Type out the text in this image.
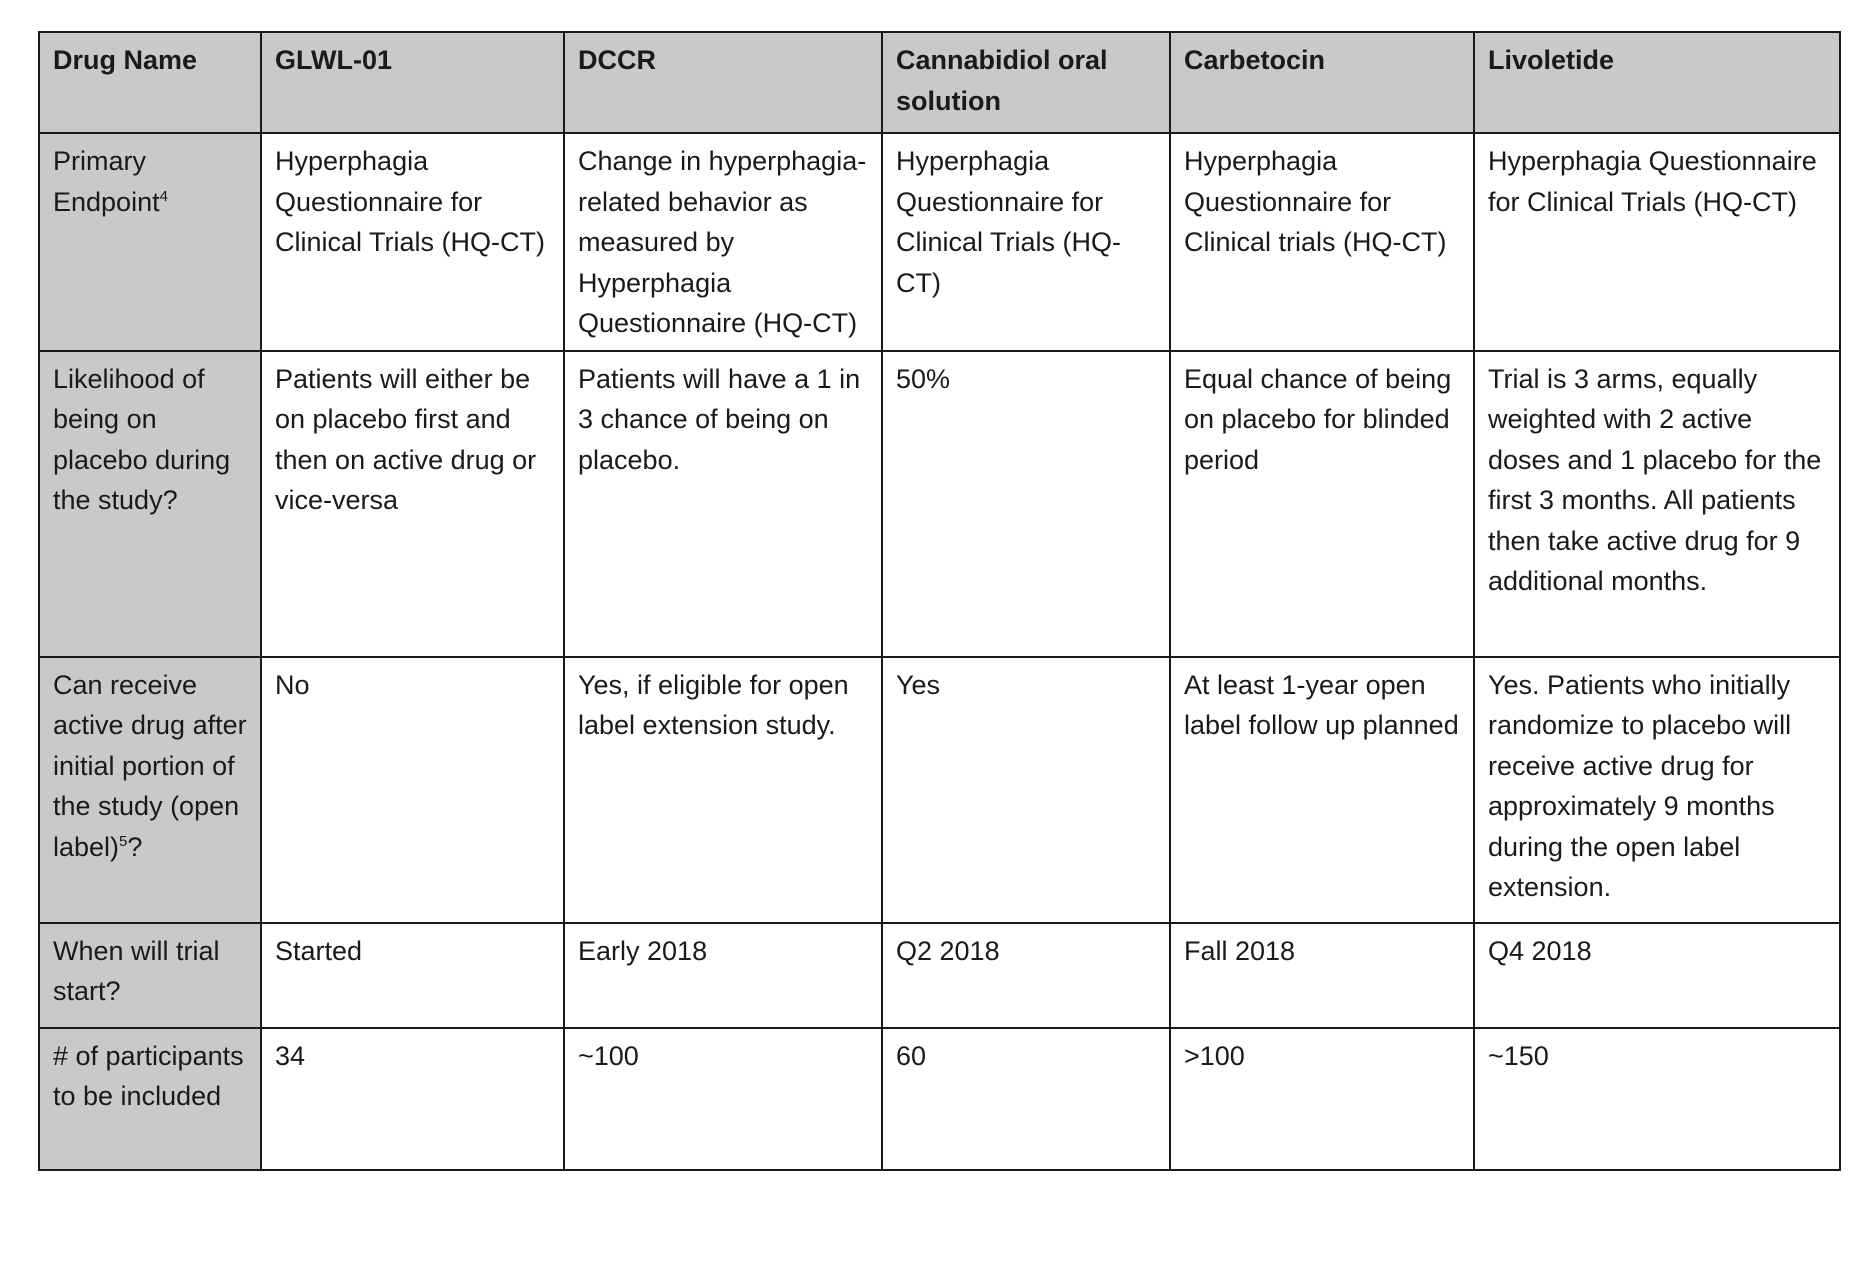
Drug Name	GLWL-01	DCCR	Cannabidiol oral solution	Carbetocin	Livoletide
Primary Endpoint$^4$	Hyperphagia Questionnaire for Clinical Trials (HQ-CT)	Change in hyperphagia-related behavior as measured by Hyperphagia Questionnaire (HQ-CT)	Hyperphagia Questionnaire for Clinical Trials (HQ-CT)	Hyperphagia Questionnaire for Clinical trials (HQ-CT)	Hyperphagia Questionnaire for Clinical Trials (HQ-CT)
Likelihood of being on placebo during the study?	Patients will either be on placebo first and then on active drug or vice-versa	Patients will have a 1 in 3 chance of being on placebo.	50%	Equal chance of being on placebo for blinded period	Trial is 3 arms, equally weighted with 2 active doses and 1 placebo for the first 3 months. All patients then take active drug for 9 additional months.
Can receive active drug after initial portion of the study (open label)$^5$?	No	Yes, if eligible for open label extension study.	Yes	At least 1-year open label follow up planned	Yes. Patients who initially randomize to placebo will receive active drug for approximately 9 months during the open label extension.
When will trial start?	Started	Early 2018	Q2 2018	Fall 2018	Q4 2018
# of participants to be included	34	~100	60	>100	~150
